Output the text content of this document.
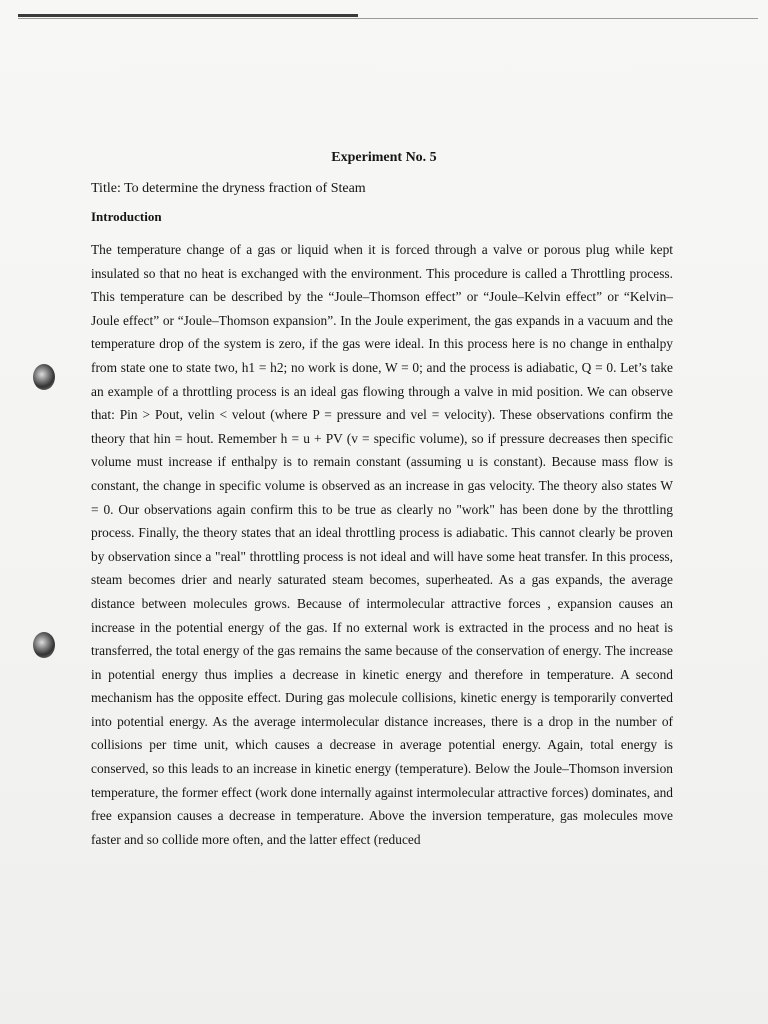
Experiment No. 5
Title: To determine the dryness fraction of Steam
Introduction

The temperature change of a gas or liquid when it is forced through a valve or porous plug while kept insulated so that no heat is exchanged with the environment. This procedure is called a Throttling process. This temperature can be described by the “Joule–Thomson effect” or “Joule–Kelvin effect” or “Kelvin–Joule effect” or “Joule–Thomson expansion”. In the Joule experiment, the gas expands in a vacuum and the temperature drop of the system is zero, if the gas were ideal. In this process here is no change in enthalpy from state one to state two, h1 = h2; no work is done, W = 0; and the process is adiabatic, Q = 0. Let’s take an example of a throttling process is an ideal gas flowing through a valve in mid position. We can observe that: Pin > Pout, velin < velout (where P = pressure and vel = velocity). These observations confirm the theory that hin = hout. Remember h = u + PV (v = specific volume), so if pressure decreases then specific volume must increase if enthalpy is to remain constant (assuming u is constant). Because mass flow is constant, the change in specific volume is observed as an increase in gas velocity. The theory also states W = 0. Our observations again confirm this to be true as clearly no "work" has been done by the throttling process. Finally, the theory states that an ideal throttling process is adiabatic. This cannot clearly be proven by observation since a "real" throttling process is not ideal and will have some heat transfer. In this process, steam becomes drier and nearly saturated steam becomes, superheated. As a gas expands, the average distance between molecules grows. Because of intermolecular attractive forces , expansion causes an increase in the potential energy of the gas. If no external work is extracted in the process and no heat is transferred, the total energy of the gas remains the same because of the conservation of energy. The increase in potential energy thus implies a decrease in kinetic energy and therefore in temperature. A second mechanism has the opposite effect. During gas molecule collisions, kinetic energy is temporarily converted into potential energy. As the average intermolecular distance increases, there is a drop in the number of collisions per time unit, which causes a decrease in average potential energy. Again, total energy is conserved, so this leads to an increase in kinetic energy (temperature). Below the Joule–Thomson inversion temperature, the former effect (work done internally against intermolecular attractive forces) dominates, and free expansion causes a decrease in temperature. Above the inversion temperature, gas molecules move faster and so collide more often, and the latter effect (reduced
